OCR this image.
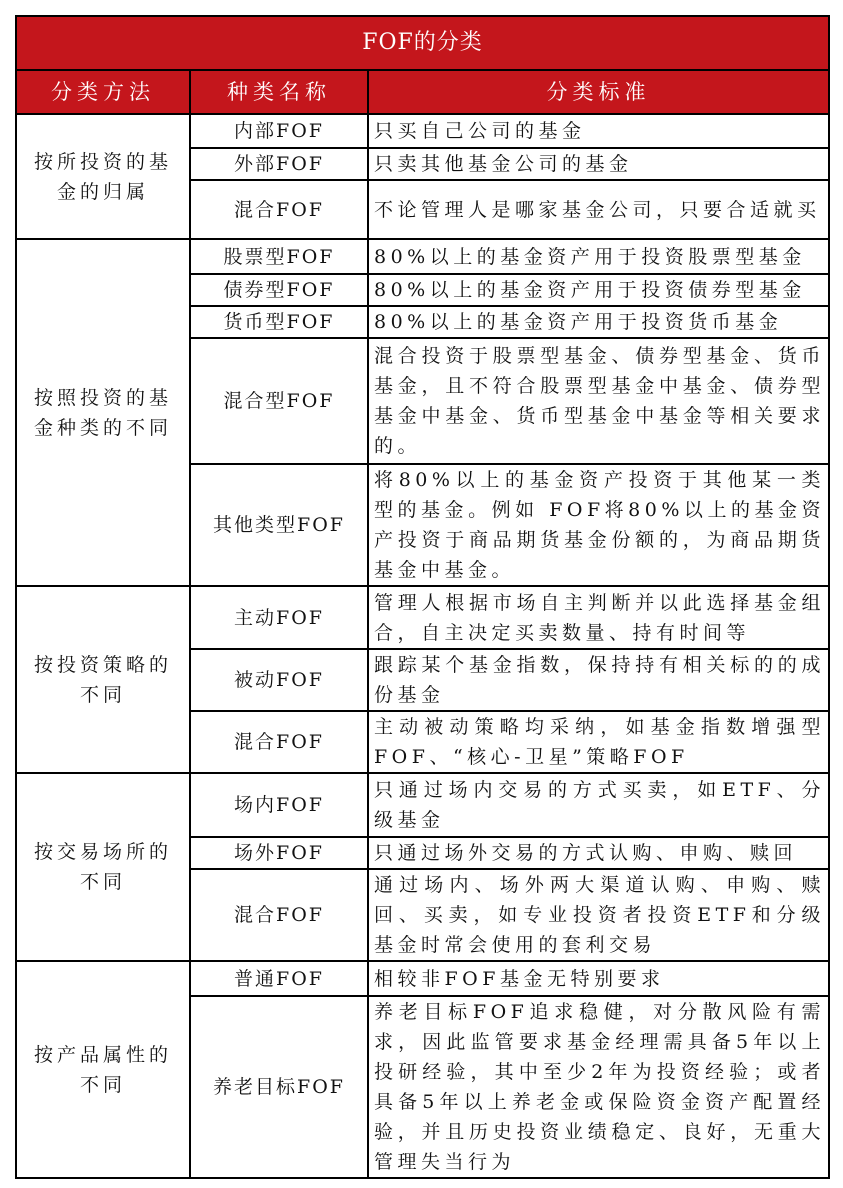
FOF的分类		
分类方法	种类名称	分类标准
按所投资的基金的归属	内部FOF	只买自己公司的基金
	外部FOF	只卖其他基金公司的基金
	混合FOF	不论管理人是哪家基金公司，只要合适就买
按照投资的基金种类的不同	股票型FOF	80%以上的基金资产用于投资股票型基金
	债券型FOF	80%以上的基金资产用于投资债券型基金
	货币型FOF	80%以上的基金资产用于投资货币基金
	混合型FOF	混合投资于股票型基金、债券型基金、货币基金，且不符合股票型基金中基金、债券型基金中基金、货币型基金中基金等相关要求的。
	其他类型FOF	将80%以上的基金资产投资于其他某一类型的基金。例如 FOF将80%以上的基金资产投资于商品期货基金份额的，为商品期货基金中基金。
按投资策略的不同	主动FOF	管理人根据市场自主判断并以此选择基金组合，自主决定买卖数量、持有时间等
	被动FOF	跟踪某个基金指数，保持持有相关标的的成份基金
	混合FOF	主动被动策略均采纳，如基金指数增强型FOF、“核心-卫星”策略FOF
按交易场所的不同	场内FOF	只通过场内交易的方式买卖，如ETF、分级基金
	场外FOF	只通过场外交易的方式认购、申购、赎回
	混合FOF	通过场内、场外两大渠道认购、申购、赎回、买卖，如专业投资者投资ETF和分级基金时常会使用的套利交易
按产品属性的不同	普通FOF	相较非FOF基金无特别要求
	养老目标FOF	养老目标FOF追求稳健，对分散风险有需求，因此监管要求基金经理需具备5年以上投研经验，其中至少2年为投资经验；或者具备5年以上养老金或保险资金资产配置经验，并且历史投资业绩稳定、良好，无重大管理失当行为
